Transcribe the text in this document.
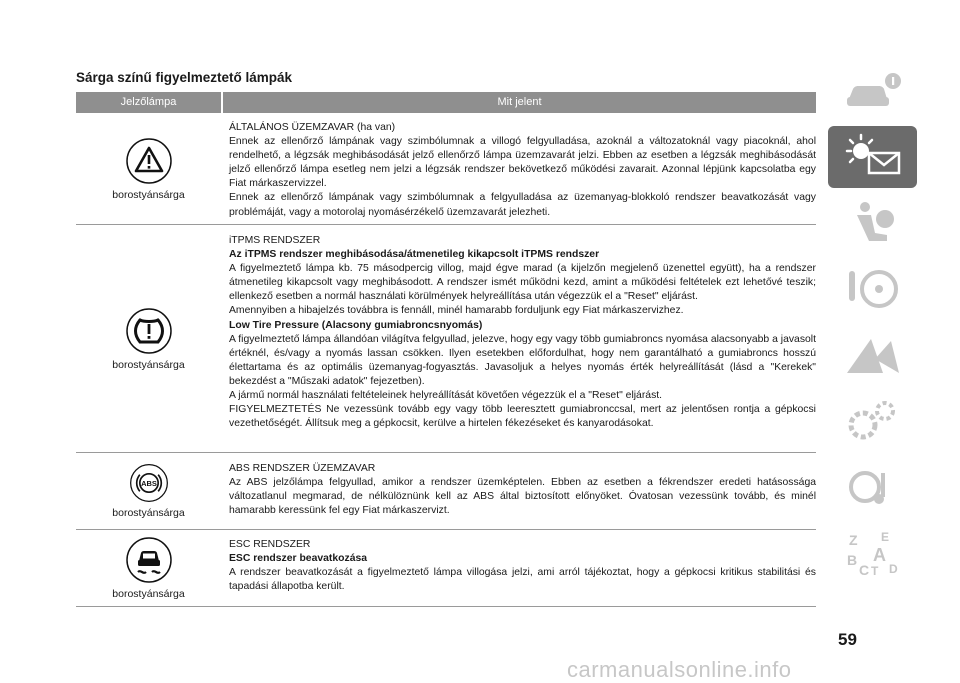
Sárga színű figyelmeztető lámpák
Jelzőlámpa	Mit jelent
borostyánsárga

ÁLTALÁNOS ÜZEMZAVAR (ha van)

Ennek az ellenőrző lámpának vagy szimbólumnak a villogó felgyulladása, azoknál a változatoknál vagy piacoknál, ahol rendelhető, a légzsák meghibásodását jelző ellenőrző lámpa üzemzavarát jelzi. Ebben az esetben a légzsák meghibásodását jelző ellenőrző lámpa esetleg nem jelzi a légzsák rendszer bekövetkező működési zavarait. Azonnal lépjünk kapcsolatba egy Fiat márkaszervizzel.

Ennek az ellenőrző lámpának vagy szimbólumnak a felgyulladása az üzemanyag-blokkoló rendszer beavatkozását vagy problémáját, vagy a motorolaj nyomásérzékelő üzemzavarát jelezheti.

borostyánsárga

iTPMS RENDSZER

Az iTPMS rendszer meghibásodása/átmenetileg kikapcsolt iTPMS rendszer

A figyelmeztető lámpa kb. 75 másodpercig villog, majd égve marad (a kijelzőn megjelenő üzenettel együtt), ha a rendszer átmenetileg kikapcsolt vagy meghibásodott. A rendszer ismét működni kezd, amint a működési feltételek ezt lehetővé teszik; ellenkező esetben a normál használati körülmények helyreállítása után végezzük el a "Reset" eljárást.

Amennyiben a hibajelzés továbbra is fennáll, minél hamarabb forduljunk egy Fiat márkaszervizhez.

Low Tire Pressure (Alacsony gumiabroncsnyomás)

A figyelmeztető lámpa állandóan világítva felgyullad, jelezve, hogy egy vagy több gumiabroncs nyomása alacsonyabb a javasolt értéknél, és/vagy a nyomás lassan csökken. Ilyen esetekben előfordulhat, hogy nem garantálható a gumiabroncs hosszú élettartama és az optimális üzemanyag-fogyasztás. Javasoljuk a helyes nyomás érték helyreállítását (lásd a "Kerekek" bekezdést a "Műszaki adatok" fejezetben).

A jármű normál használati feltételeinek helyreállítását követően végezzük el a "Reset" eljárást.

FIGYELMEZTETÉS Ne vezessünk tovább egy vagy több leeresztett gumiabronccsal, mert az jelentősen rontja a gépkocsi vezethetőségét. Állítsuk meg a gépkocsit, kerülve a hirtelen fékezéseket és kanyarodásokat.

ABS
borostyánsárga

ABS RENDSZER ÜZEMZAVAR

Az ABS jelzőlámpa felgyullad, amikor a rendszer üzemképtelen. Ebben az esetben a fékrendszer eredeti hatásossága változatlanul megmarad, de nélkülöznünk kell az ABS által biztosított előnyöket. Óvatosan vezessünk tovább, és minél hamarabb keressünk fel egy Fiat márkaszervizt.

borostyánsárga

ESC RENDSZER

ESC rendszer beavatkozása

A rendszer beavatkozását a figyelmeztető lámpa villogása jelzi, ami arról tájékoztat, hogy a gépkocsi kritikus stabilitási és tapadási állapotba került.

Z E
B A
C T D
59
carmanualsonline.info
